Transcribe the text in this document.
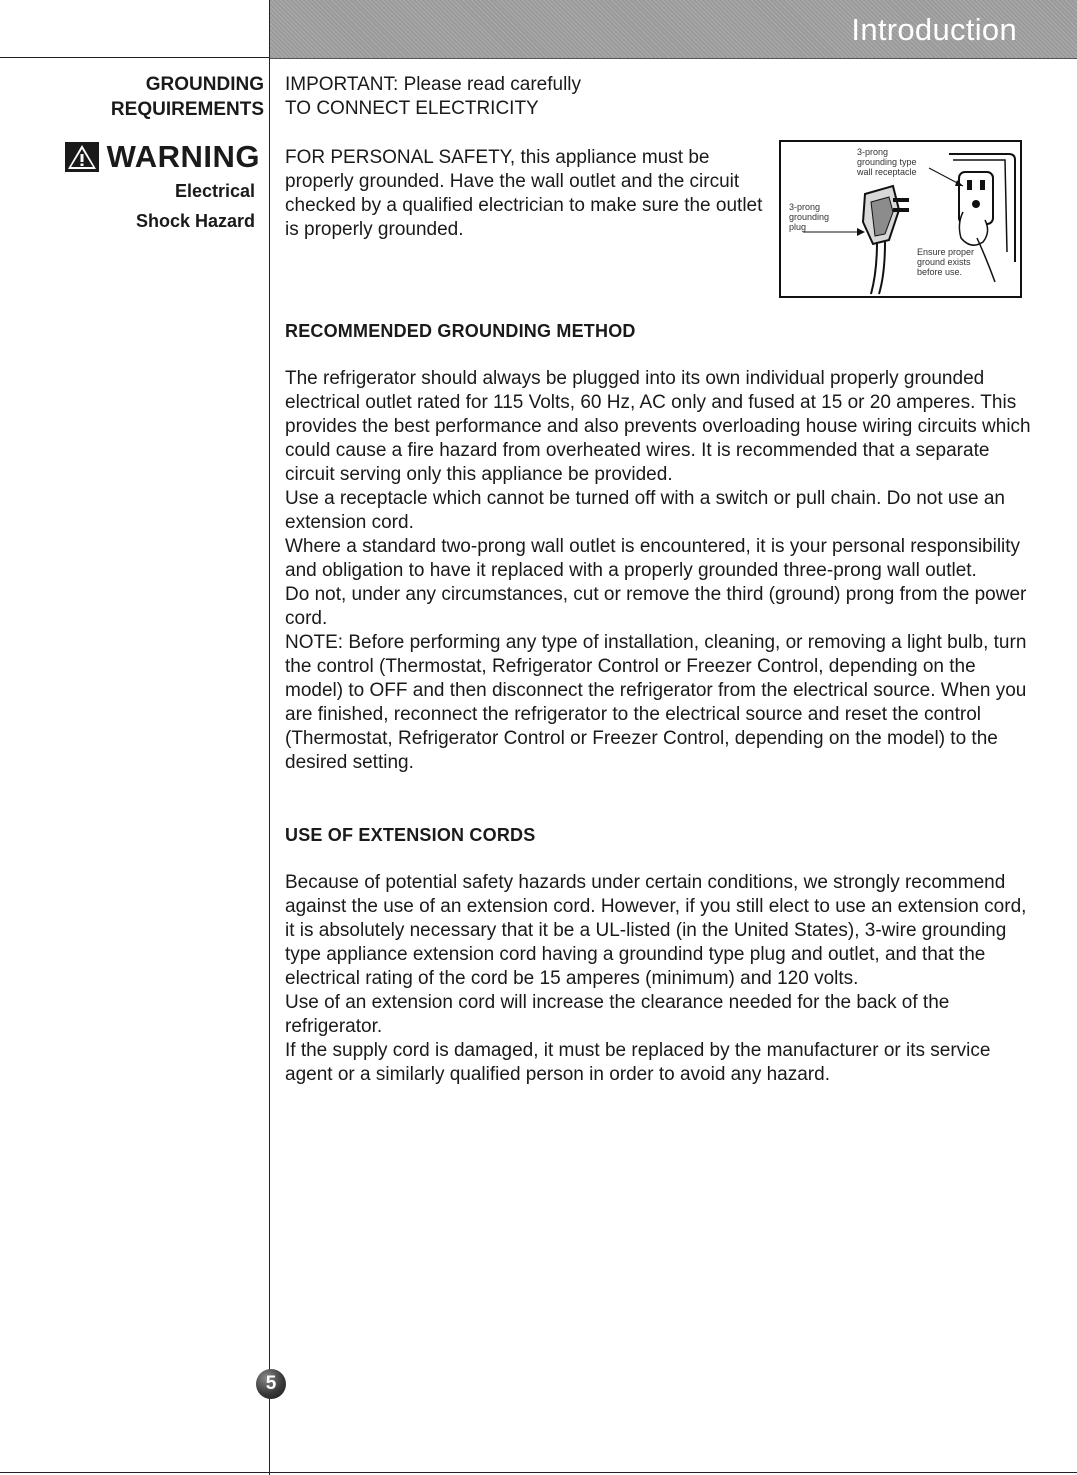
Introduction
GROUNDING
REQUIREMENTS
WARNING
Electrical
Shock Hazard
IMPORTANT: Please read carefully
TO CONNECT ELECTRICITY
FOR PERSONAL SAFETY, this appliance must be properly grounded. Have the wall outlet and the circuit checked by a qualified electrician to make sure the outlet is properly grounded.
3-prong
grounding type
wall receptacle
3-prong
grounding
plug
Ensure proper
ground exists
before use.
RECOMMENDED GROUNDING METHOD

The refrigerator should always be plugged into its own individual properly grounded electrical outlet rated for 115 Volts, 60 Hz, AC only and fused at 15 or 20 amperes. This provides the best performance and also prevents overloading house wiring circuits which could cause a fire hazard from overheated wires. It is recommended that a separate circuit serving only this appliance be provided.

Use a receptacle which cannot be turned off with a switch or pull chain. Do not use an extension cord.

Where a standard two-prong wall outlet is encountered, it is your personal responsibility and obligation to have it replaced with a properly grounded three-prong wall outlet.

Do not, under any circumstances, cut or remove the third (ground) prong from the power cord.

NOTE: Before performing any type of installation, cleaning, or removing a light bulb, turn the control (Thermostat, Refrigerator Control or Freezer Control, depending on the model) to OFF and then disconnect the refrigerator from the electrical source. When you are finished, reconnect the refrigerator to the electrical source and reset the control (Thermostat, Refrigerator Control or Freezer Control, depending on the model) to the desired setting.

USE OF EXTENSION CORDS

Because of potential safety hazards under certain conditions, we strongly recommend against the use of an extension cord. However, if you still elect to use an extension cord, it is absolutely necessary that it be a UL-listed (in the United States), 3-wire grounding type appliance extension cord having a groundind type plug and outlet, and that the electrical rating of the cord be 15 amperes (minimum) and 120 volts.

Use of an extension cord will increase the clearance needed for the back of the refrigerator.

If the supply cord is damaged, it must be replaced by the manufacturer or its service agent or a similarly qualified person in order to avoid any hazard.

5
